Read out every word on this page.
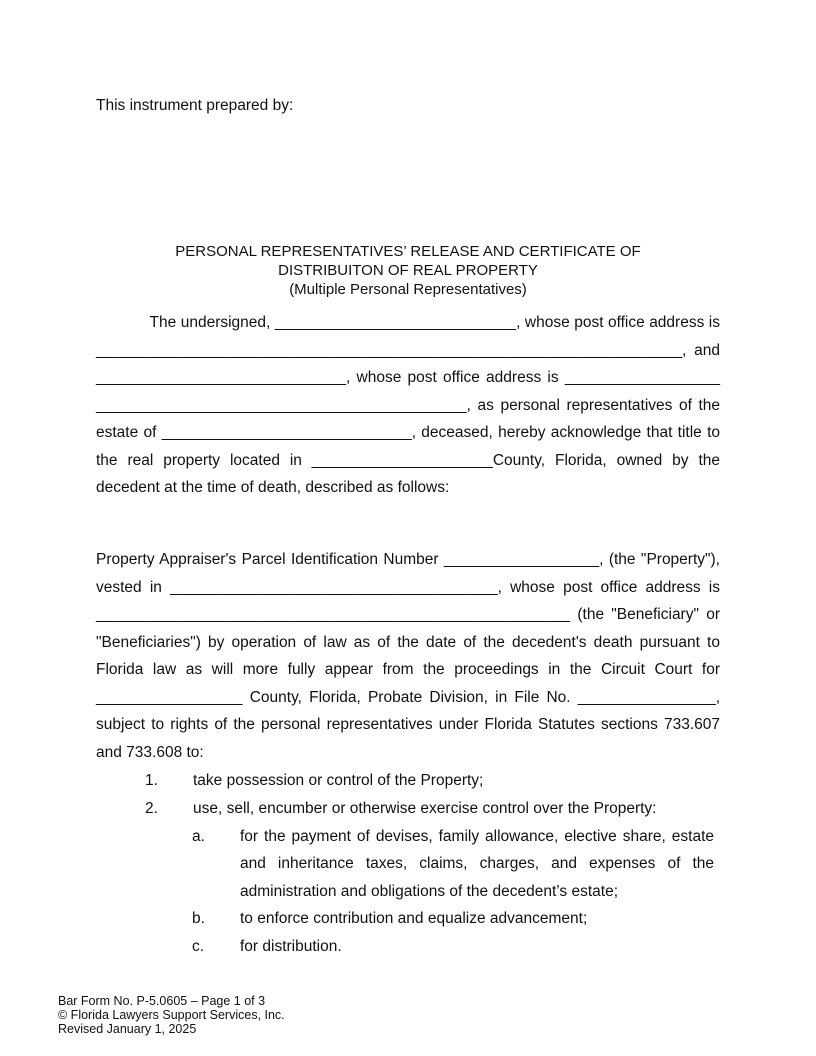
This instrument prepared by:
PERSONAL REPRESENTATIVES’ RELEASE AND CERTIFICATE OF
DISTRIBUITON OF REAL PROPERTY
(Multiple Personal Representatives)
The undersigned, ____________________________, whose post office address is
____________________________________________________________________, and
_____________________________, whose post office address is __________________
___________________________________________, as personal representatives of the
estate of _____________________________, deceased, hereby acknowledge that title to
the real property located in _____________________County, Florida, owned by the
decedent at the time of death, described as follows:
Property Appraiser's Parcel Identification Number __________________, (the "Property"),
vested in ______________________________________, whose post office address is
_______________________________________________________ (the "Beneficiary" or
"Beneficiaries") by operation of law as of the date of the decedent's death pursuant to
Florida law as will more fully appear from the proceedings in the Circuit Court for
_________________ County, Florida, Probate Division, in File No. ________________,
subject to rights of the personal representatives under Florida Statutes sections 733.607
and 733.608 to:
1. take possession or control of the Property;
2. use, sell, encumber or otherwise exercise control over the Property:
a. for the payment of devises, family allowance, elective share, estate
and inheritance taxes, claims, charges, and expenses of the
administration and obligations of the decedent’s estate;
b. to enforce contribution and equalize advancement;
c. for distribution.
Bar Form No. P-5.0605 – Page 1 of 3
© Florida Lawyers Support Services, Inc.
Revised January 1, 2025
